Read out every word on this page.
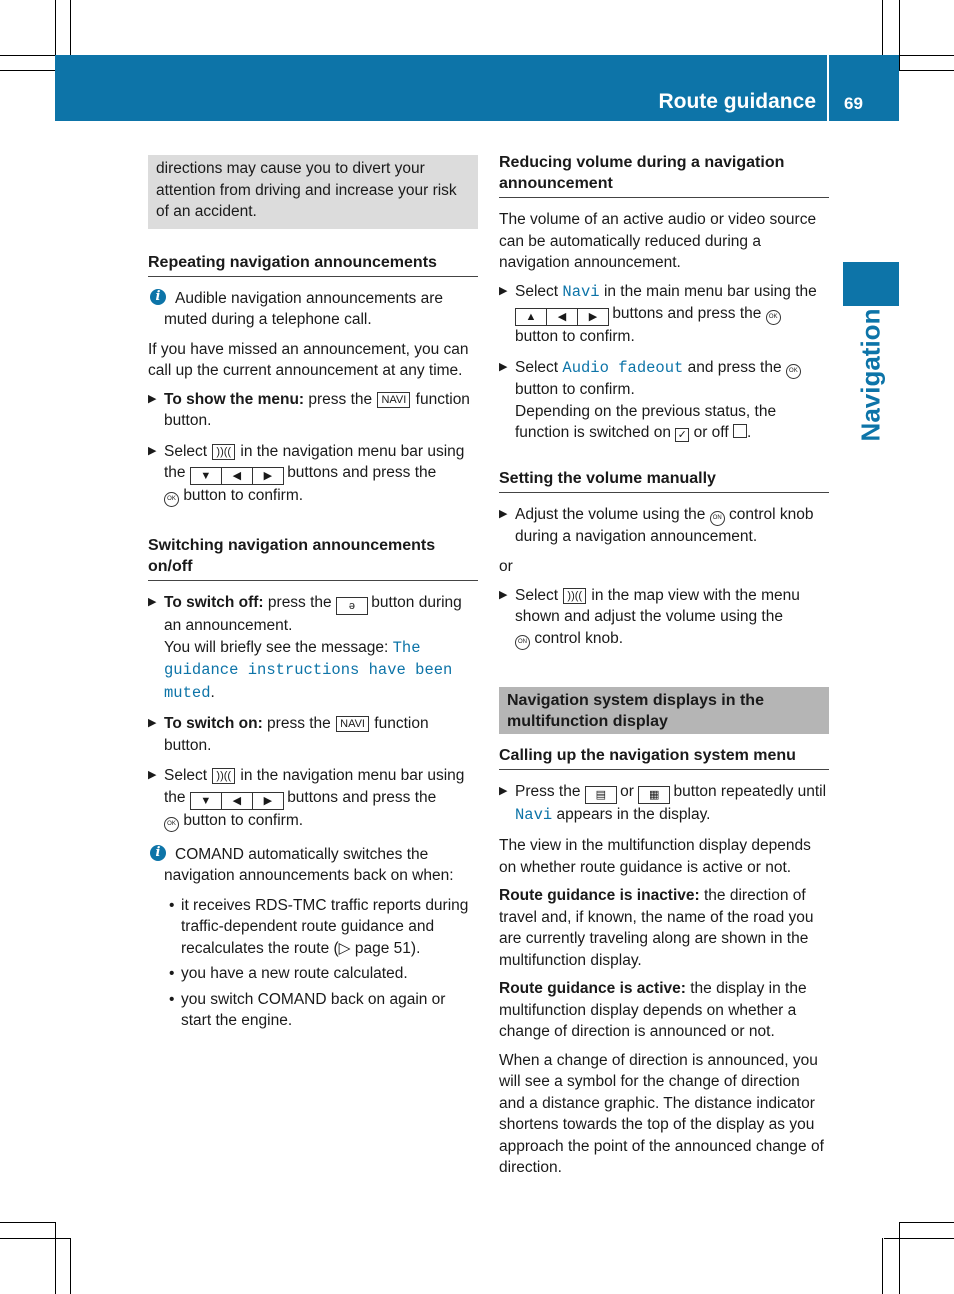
Route guidance 69
Navigation
directions may cause you to divert your attention from driving and increase your risk of an accident.
Repeating navigation announcements
i Audible navigation announcements are muted during a telephone call.

If you have missed an announcement, you can call up the current announcement at any time.

▶ To show the menu: press the NAVI function button.
▶ Select ))(( in the navigation menu bar using the ▼ ◀ ▶ buttons and press the
OK button to confirm.
Switching navigation announcements on/off
▶ To switch off: press the ə button during an announcement.
You will briefly see the message: The guidance instructions have been muted.
▶ To switch on: press the NAVI function button.
▶ Select ))(( in the navigation menu bar using the ▼ ◀ ▶ buttons and press the
OK button to confirm.
i COMAND automatically switches the navigation announcements back on when:
• it receives RDS-TMC traffic reports during traffic-dependent route guidance and recalculates the route (▷ page 51).
• you have a new route calculated.
• you switch COMAND back on again or start the engine.
Reducing volume during a navigation announcement

The volume of an active audio or video source can be automatically reduced during a navigation announcement.

▶ Select Navi in the main menu bar using the
▲ ◀ ▶ buttons and press the OK
button to confirm.
▶ Select Audio fadeout and press the OK
button to confirm.
Depending on the previous status, the function is switched on ✓ or off .
Setting the volume manually
▶ Adjust the volume using the ON control knob during a navigation announcement.

or

▶ Select ))(( in the map view with the menu shown and adjust the volume using the
ON control knob.
Navigation system displays in the multifunction display
Calling up the navigation system menu
▶ Press the ▤ or ▦ button repeatedly until
Navi appears in the display.

The view in the multifunction display depends on whether route guidance is active or not.

Route guidance is inactive: the direction of travel and, if known, the name of the road you are currently traveling along are shown in the multifunction display.

Route guidance is active: the display in the multifunction display depends on whether a change of direction is announced or not.

When a change of direction is announced, you will see a symbol for the change of direction and a distance graphic. The distance indicator shortens towards the top of the display as you approach the point of the announced change of direction.
